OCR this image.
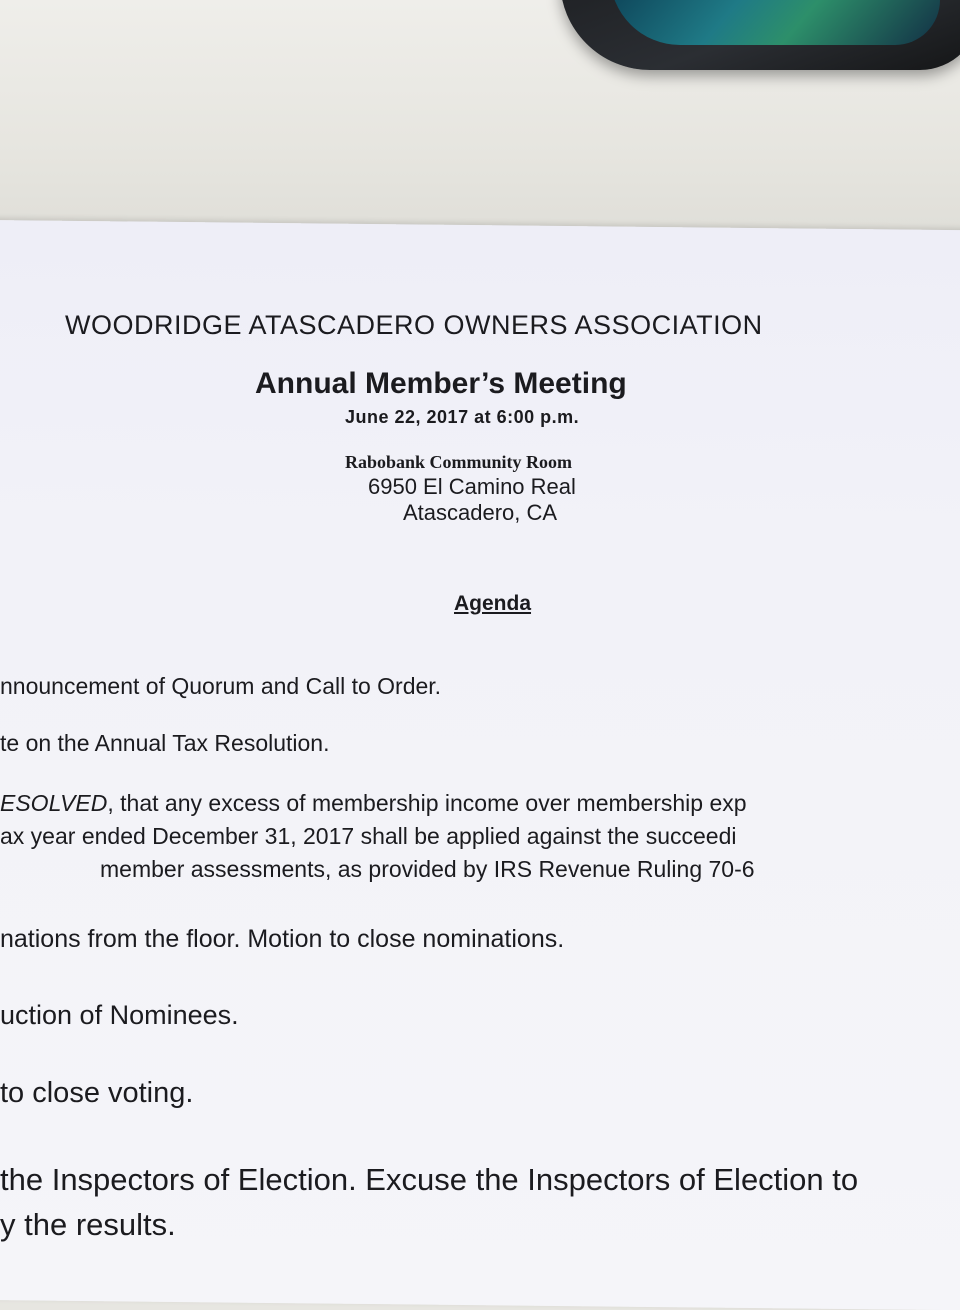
WOODRIDGE ATASCADERO OWNERS ASSOCIATION
Annual Member’s Meeting
June 22, 2017 at 6:00 p.m.
Rabobank Community Room
6950 El Camino Real
Atascadero, CA
Agenda
nnouncement of Quorum and Call to Order.
te on the Annual Tax Resolution.
ESOLVED, that any excess of membership income over membership exp
ax year ended December 31, 2017 shall be applied against the succeedi
member assessments, as provided by IRS Revenue Ruling 70-6
nations from the floor. Motion to close nominations.
uction of Nominees.
to close voting.
the Inspectors of Election. Excuse the Inspectors of Election to
y the results.
